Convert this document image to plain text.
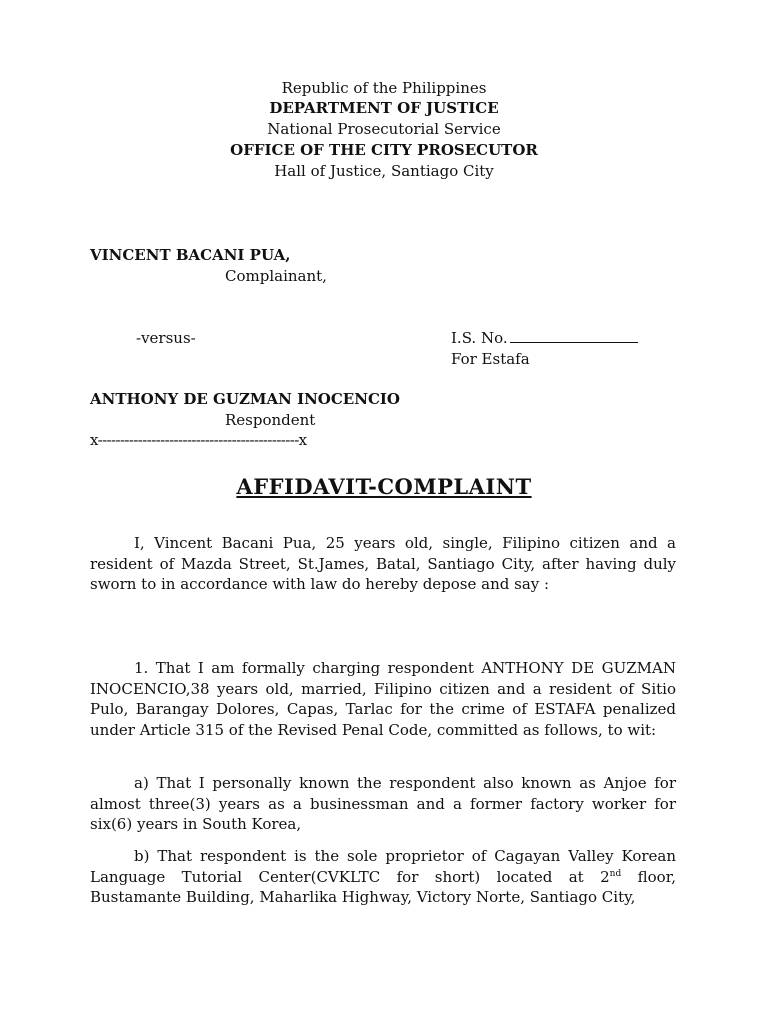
Republic of the Philippines
DEPARTMENT OF JUSTICE
National Prosecutorial Service
OFFICE OF THE CITY PROSECUTOR
Hall of Justice, Santiago City
VINCENT BACANI PUA,
Complainant,
-versus-	I.S. No.
For Estafa
ANTHONY DE GUZMAN INOCENCIO
Respondent
x---------------------------------------------x
AFFIDAVIT-COMPLAINT
I, Vincent Bacani Pua, 25 years old, single, Filipino citizen and a resident of Mazda Street, St.James, Batal, Santiago City, after having duly sworn to in accordance with law do hereby depose and say :
1. That I am formally charging respondent ANTHONY DE GUZMAN INOCENCIO,38 years old, married, Filipino citizen and a resident of Sitio Pulo, Barangay Dolores, Capas, Tarlac for the crime of ESTAFA penalized under Article 315 of the Revised Penal Code, committed as follows, to wit:
a) That I personally known the respondent also known as Anjoe for almost three(3) years as a businessman and a former factory worker for six(6) years in South Korea,
b) That respondent is the sole proprietor of Cagayan Valley Korean Language Tutorial Center(CVKLTC for short) located at 2nd floor, Bustamante Building, Maharlika Highway, Victory Norte, Santiago City,
